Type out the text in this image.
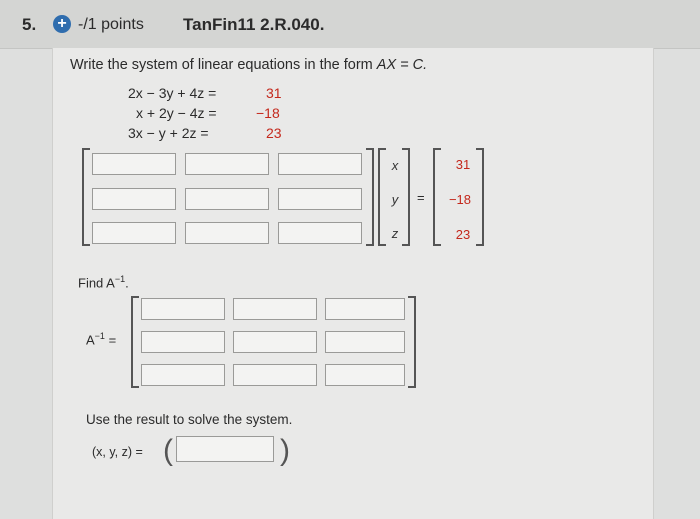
5. + -/1 points TanFin11 2.R.040.
Write the system of linear equations in the form AX = C.
2x − 3y + 4z =	31
x + 2y − 4z =	−18
3x − y + 2z =	23
x
y
z
=
31
−18
23
Find $A^{-1}$.
$A^{-1}$ =
Use the result to solve the system.
(x, y, z) = (	)
